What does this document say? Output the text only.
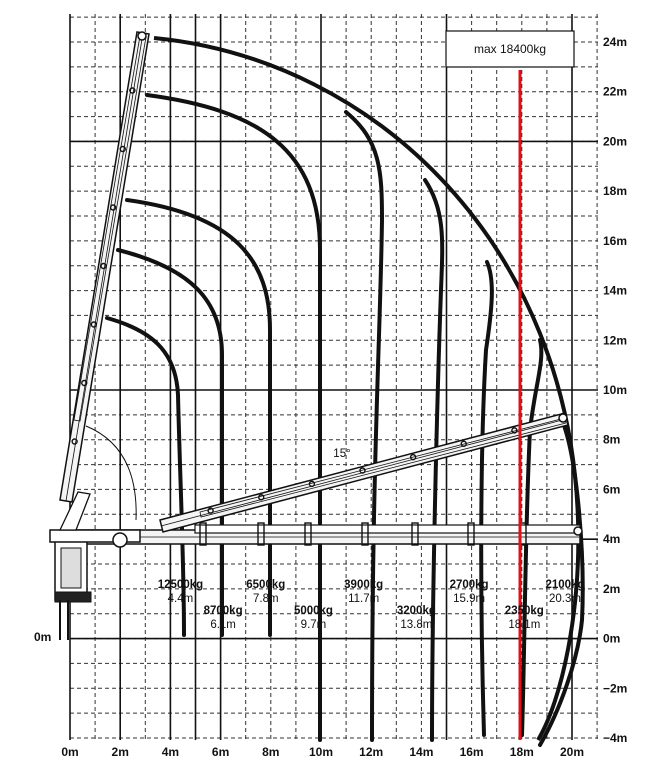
max 18400kg
15°
0m	2m	4m	6m	8m 10m 12m 14m 16m 18m 20m
24m
22m
20m
18m
16m
14m
12m
10m
8m
6m
4m
2m
0m
−2m
−4m
0m
12500kg
4.4m
8700kg
6.1m
6500kg
7.8m
5000kg
9.7m
3900kg
11.7m
3200kg
13.8m
2700kg
15.9m
2350kg
18.1m
2100kg
20.3m
